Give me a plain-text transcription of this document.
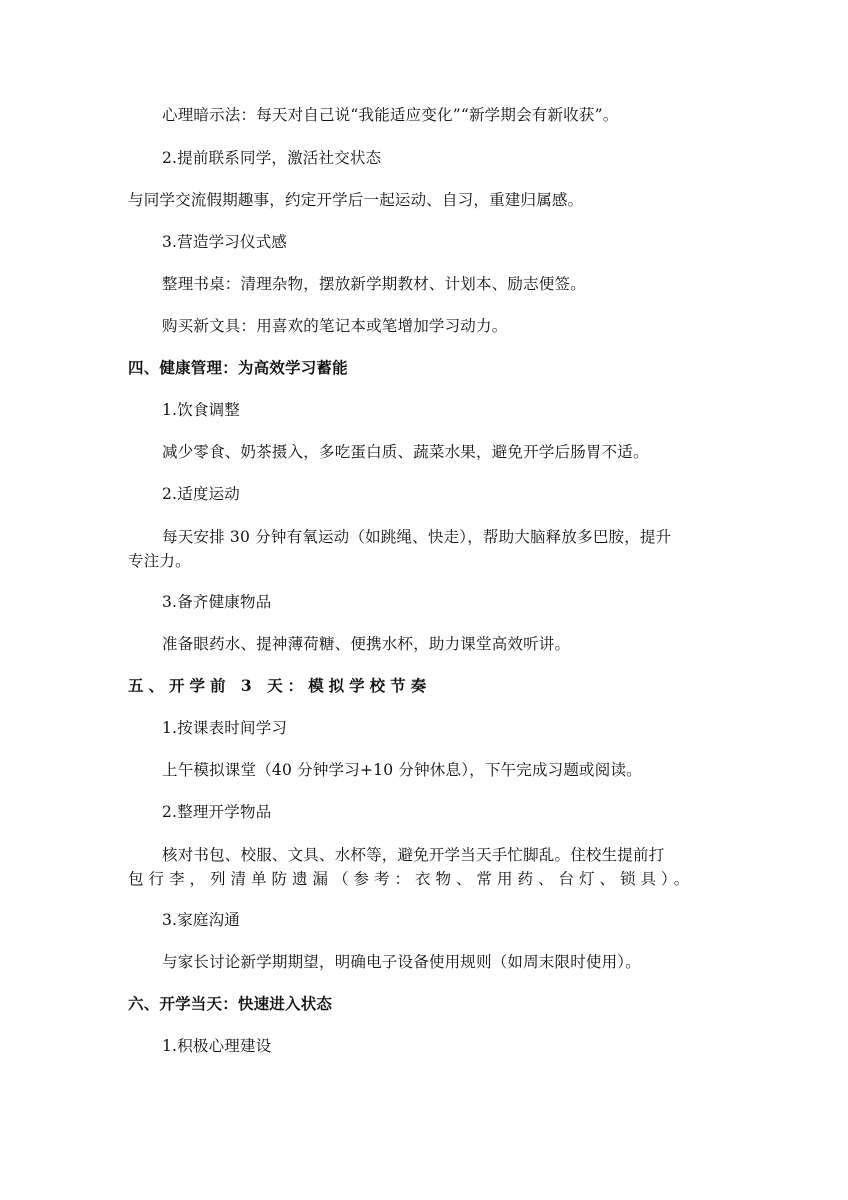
心理暗示法：每天对自己说“我能适应变化”“新学期会有新收获”。
2.提前联系同学，激活社交状态
与同学交流假期趣事，约定开学后一起运动、自习，重建归属感。
3.营造学习仪式感
整理书桌：清理杂物，摆放新学期教材、计划本、励志便签。
购买新文具：用喜欢的笔记本或笔增加学习动力。
四、健康管理：为高效学习蓄能
1.饮食调整
减少零食、奶茶摄入，多吃蛋白质、蔬菜水果，避免开学后肠胃不适。
2.适度运动
每天安排 30 分钟有氧运动（如跳绳、快走），帮助大脑释放多巴胺，提升
专注力。
3.备齐健康物品
准备眼药水、提神薄荷糖、便携水杯，助力课堂高效听讲。
五、开学前 3 天：模拟学校节奏
1.按课表时间学习
上午模拟课堂（40 分钟学习+10 分钟休息），下午完成习题或阅读。
2.整理开学物品
核对书包、校服、文具、水杯等，避免开学当天手忙脚乱。住校生提前打
包行李，列清单防遗漏（参考：衣物、常用药、台灯、锁具）。
3.家庭沟通
与家长讨论新学期期望，明确电子设备使用规则（如周末限时使用）。
六、开学当天：快速进入状态
1.积极心理建设
